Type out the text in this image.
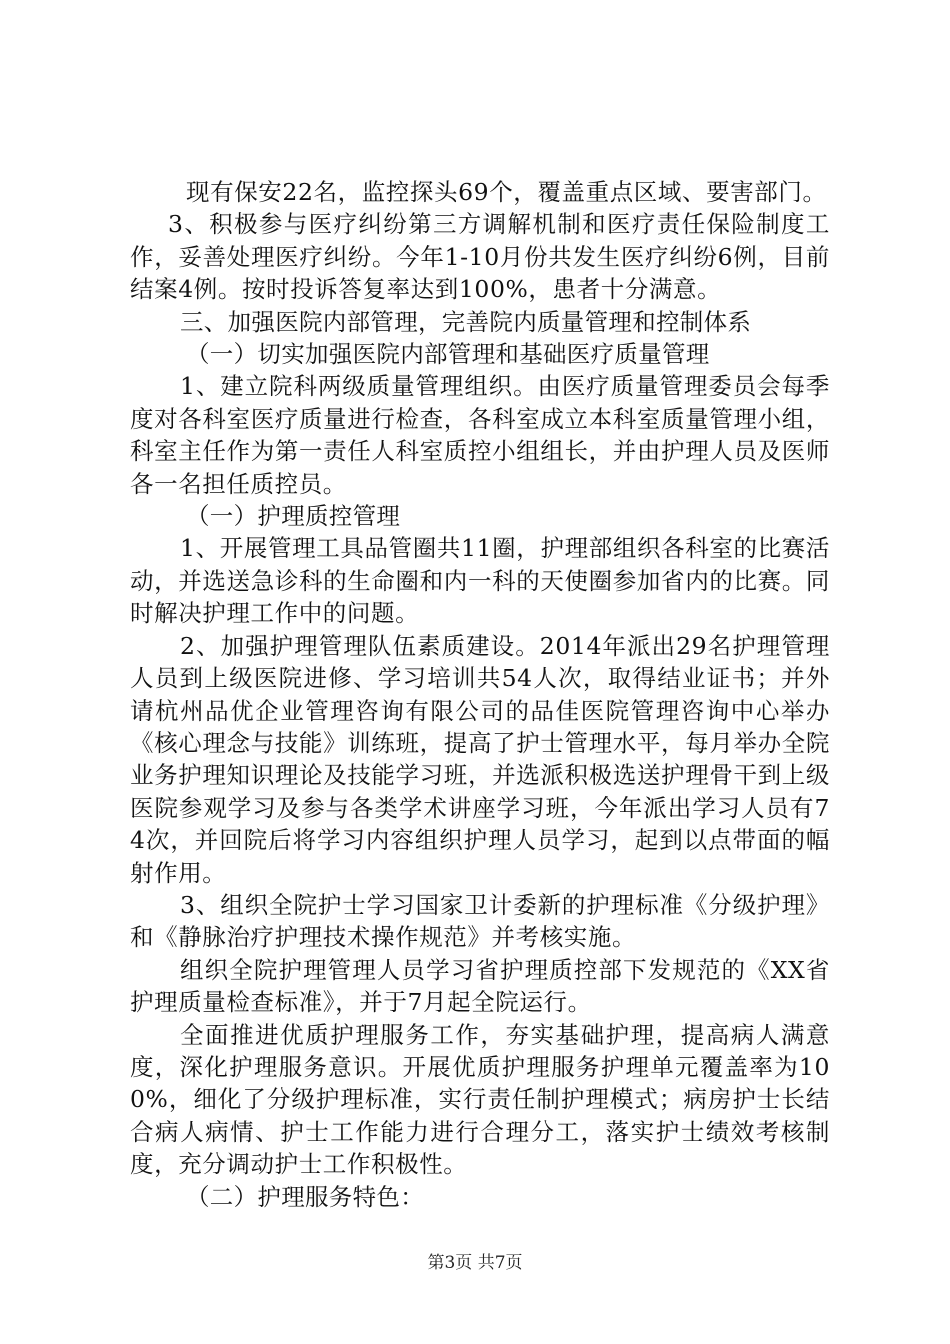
现有保安22名，监控探头69个，覆盖重点区域、要害部门。

3、积极参与医疗纠纷第三方调解机制和医疗责任保险制度工作，妥善处理医疗纠纷。今年1-10月份共发生医疗纠纷6例，目前结案4例。按时投诉答复率达到100%，患者十分满意。

三、加强医院内部管理，完善院内质量管理和控制体系

（一）切实加强医院内部管理和基础医疗质量管理

1、建立院科两级质量管理组织。由医疗质量管理委员会每季度对各科室医疗质量进行检查，各科室成立本科室质量管理小组，科室主任作为第一责任人科室质控小组组长，并由护理人员及医师各一名担任质控员。

（一）护理质控管理

1、开展管理工具品管圈共11圈，护理部组织各科室的比赛活动，并选送急诊科的生命圈和内一科的天使圈参加省内的比赛。同时解决护理工作中的问题。

2、加强护理管理队伍素质建设。2014年派出29名护理管理人员到上级医院进修、学习培训共54人次，取得结业证书；并外请杭州品优企业管理咨询有限公司的品佳医院管理咨询中心举办《核心理念与技能》训练班，提高了护士管理水平，每月举办全院业务护理知识理论及技能学习班，并选派积极选送护理骨干到上级医院参观学习及参与各类学术讲座学习班，今年派出学习人员有74次，并回院后将学习内容组织护理人员学习，起到以点带面的幅射作用。

3、组织全院护士学习国家卫计委新的护理标准《分级护理》和《静脉治疗护理技术操作规范》并考核实施。

组织全院护理管理人员学习省护理质控部下发规范的《XX省护理质量检查标准》，并于7月起全院运行。

全面推进优质护理服务工作，夯实基础护理，提高病人满意度，深化护理服务意识。开展优质护理服务护理单元覆盖率为100%，细化了分级护理标准，实行责任制护理模式；病房护士长结合病人病情、护士工作能力进行合理分工，落实护士绩效考核制度，充分调动护士工作积极性。

（二）护理服务特色：

第3页 共7页
